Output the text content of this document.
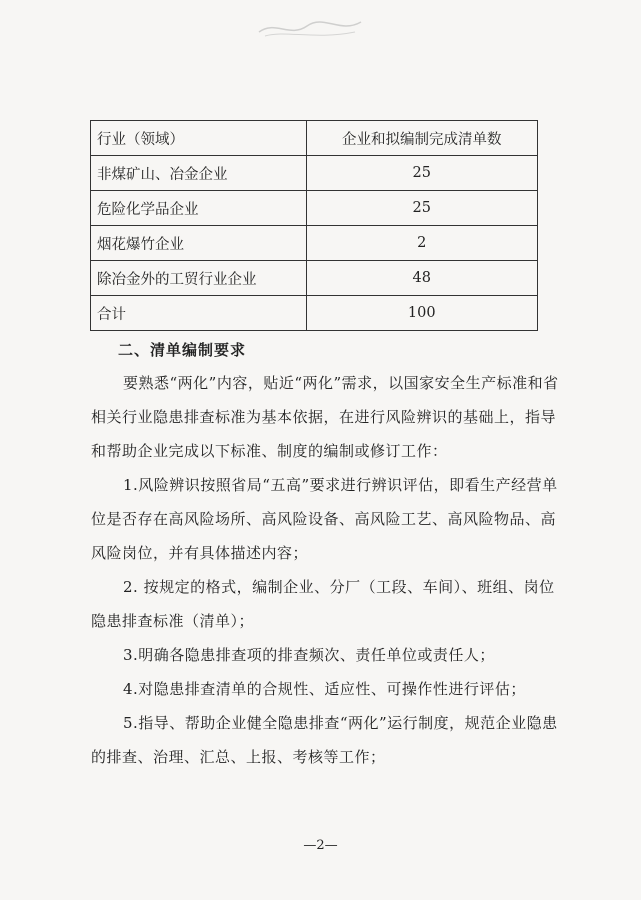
行业（领域）	企业和拟编制完成清单数
非煤矿山、冶金企业	25
危险化学品企业	25
烟花爆竹企业	2
除冶金外的工贸行业企业	48
合计	100
二、清单编制要求
要熟悉“两化”内容，贴近“两化”需求，以国家安全生产标准和省相关行业隐患排查标准为基本依据，在进行风险辨识的基础上，指导和帮助企业完成以下标准、制度的编制或修订工作：
1.风险辨识按照省局“五高”要求进行辨识评估，即看生产经营单位是否存在高风险场所、高风险设备、高风险工艺、高风险物品、高风险岗位，并有具体描述内容；
2. 按规定的格式，编制企业、分厂（工段、车间）、班组、岗位隐患排查标准（清单）；
3.明确各隐患排查项的排查频次、责任单位或责任人；
4.对隐患排查清单的合规性、适应性、可操作性进行评估；
5.指导、帮助企业健全隐患排查“两化”运行制度，规范企业隐患的排查、治理、汇总、上报、考核等工作；
—2—
